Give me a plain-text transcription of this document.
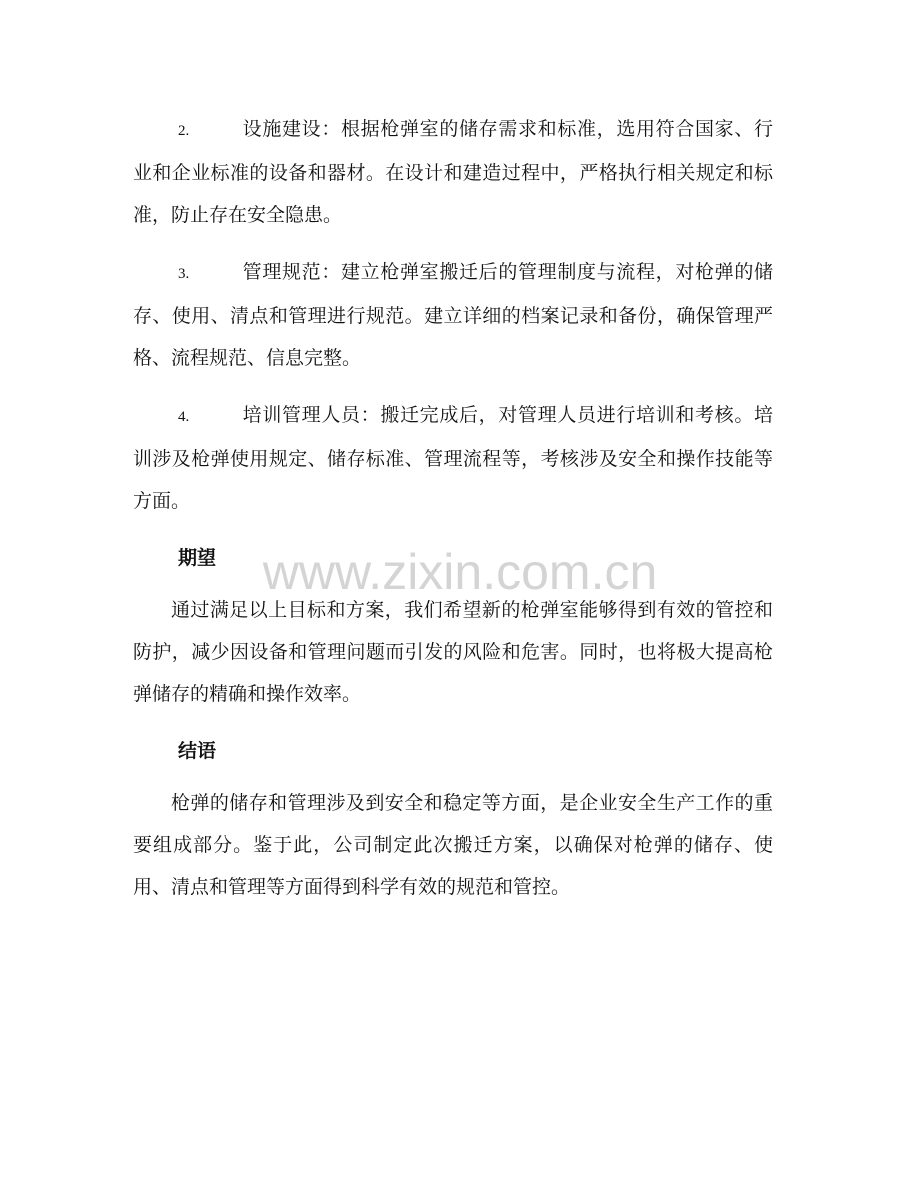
www.zixin.com.cn

2.	设施建设：根据枪弹室的储存需求和标准，选用符合国家、行业和企业标准的设备和器材。在设计和建造过程中，严格执行相关规定和标准，防止存在安全隐患。

3.	管理规范：建立枪弹室搬迁后的管理制度与流程，对枪弹的储存、使用、清点和管理进行规范。建立详细的档案记录和备份，确保管理严格、流程规范、信息完整。

4.	培训管理人员：搬迁完成后，对管理人员进行培训和考核。培训涉及枪弹使用规定、储存标准、管理流程等，考核涉及安全和操作技能等方面。

期望

通过满足以上目标和方案，我们希望新的枪弹室能够得到有效的管控和防护，减少因设备和管理问题而引发的风险和危害。同时，也将极大提高枪弹储存的精确和操作效率。

结语

枪弹的储存和管理涉及到安全和稳定等方面，是企业安全生产工作的重要组成部分。鉴于此，公司制定此次搬迁方案，以确保对枪弹的储存、使用、清点和管理等方面得到科学有效的规范和管控。
